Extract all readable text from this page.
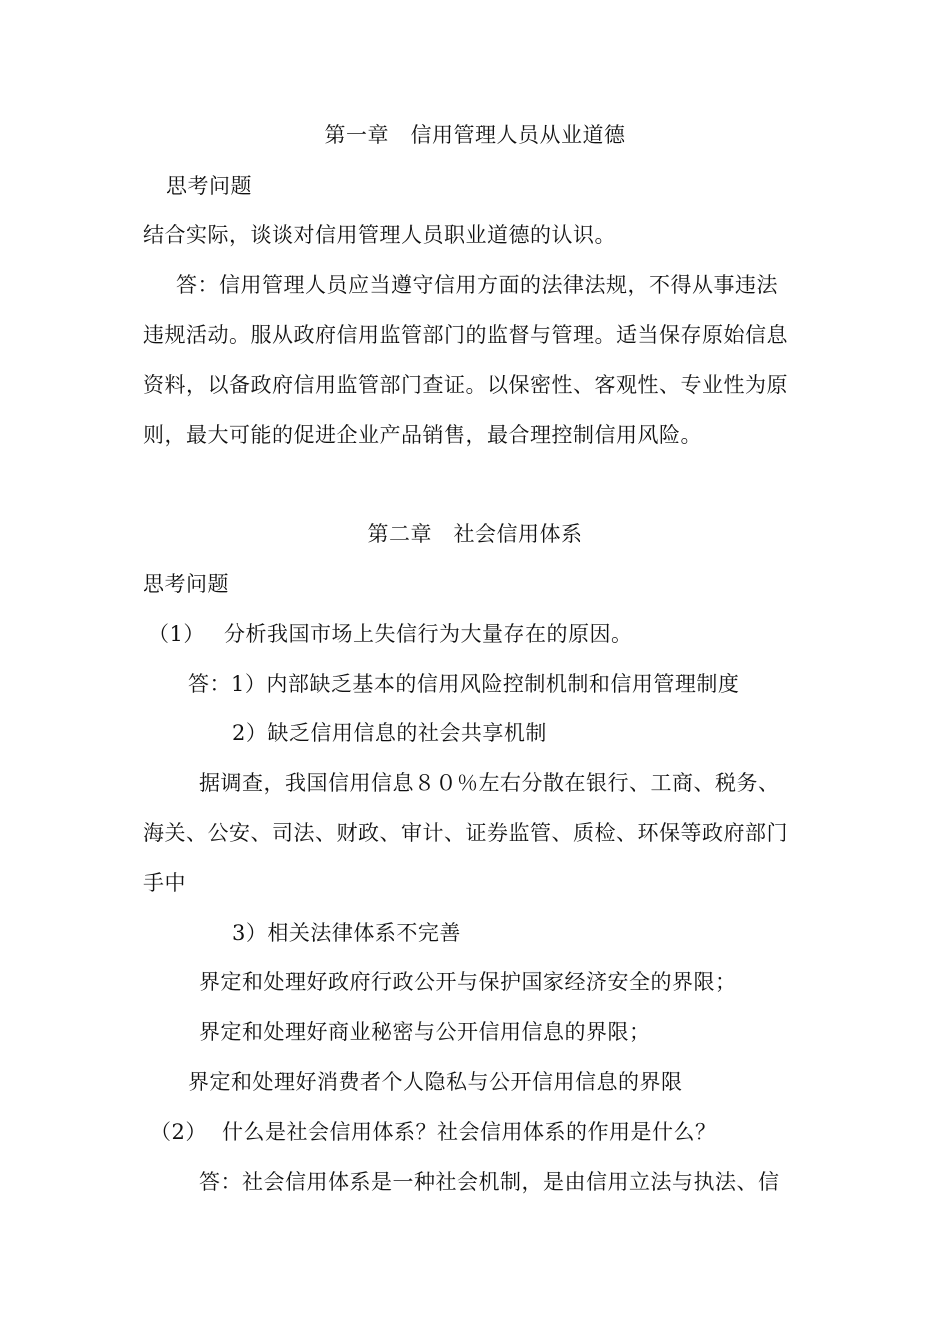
第一章　信用管理人员从业道德
思考问题
结合实际，谈谈对信用管理人员职业道德的认识。
答：信用管理人员应当遵守信用方面的法律法规，不得从事违法
违规活动。服从政府信用监管部门的监督与管理。适当保存原始信息
资料，以备政府信用监管部门查证。以保密性、客观性、专业性为原
则，最大可能的促进企业产品销售，最合理控制信用风险。
第二章　社会信用体系
思考问题
（1） 分析我国市场上失信行为大量存在的原因。
答：1）内部缺乏基本的信用风险控制机制和信用管理制度
2）缺乏信用信息的社会共享机制
据调查，我国信用信息８０％左右分散在银行、工商、税务、
海关、公安、司法、财政、审计、证券监管、质检、环保等政府部门
手中
3）相关法律体系不完善
界定和处理好政府行政公开与保护国家经济安全的界限；
界定和处理好商业秘密与公开信用信息的界限；
界定和处理好消费者个人隐私与公开信用信息的界限
（2） 什么是社会信用体系？社会信用体系的作用是什么？
答：社会信用体系是一种社会机制，是由信用立法与执法、信
